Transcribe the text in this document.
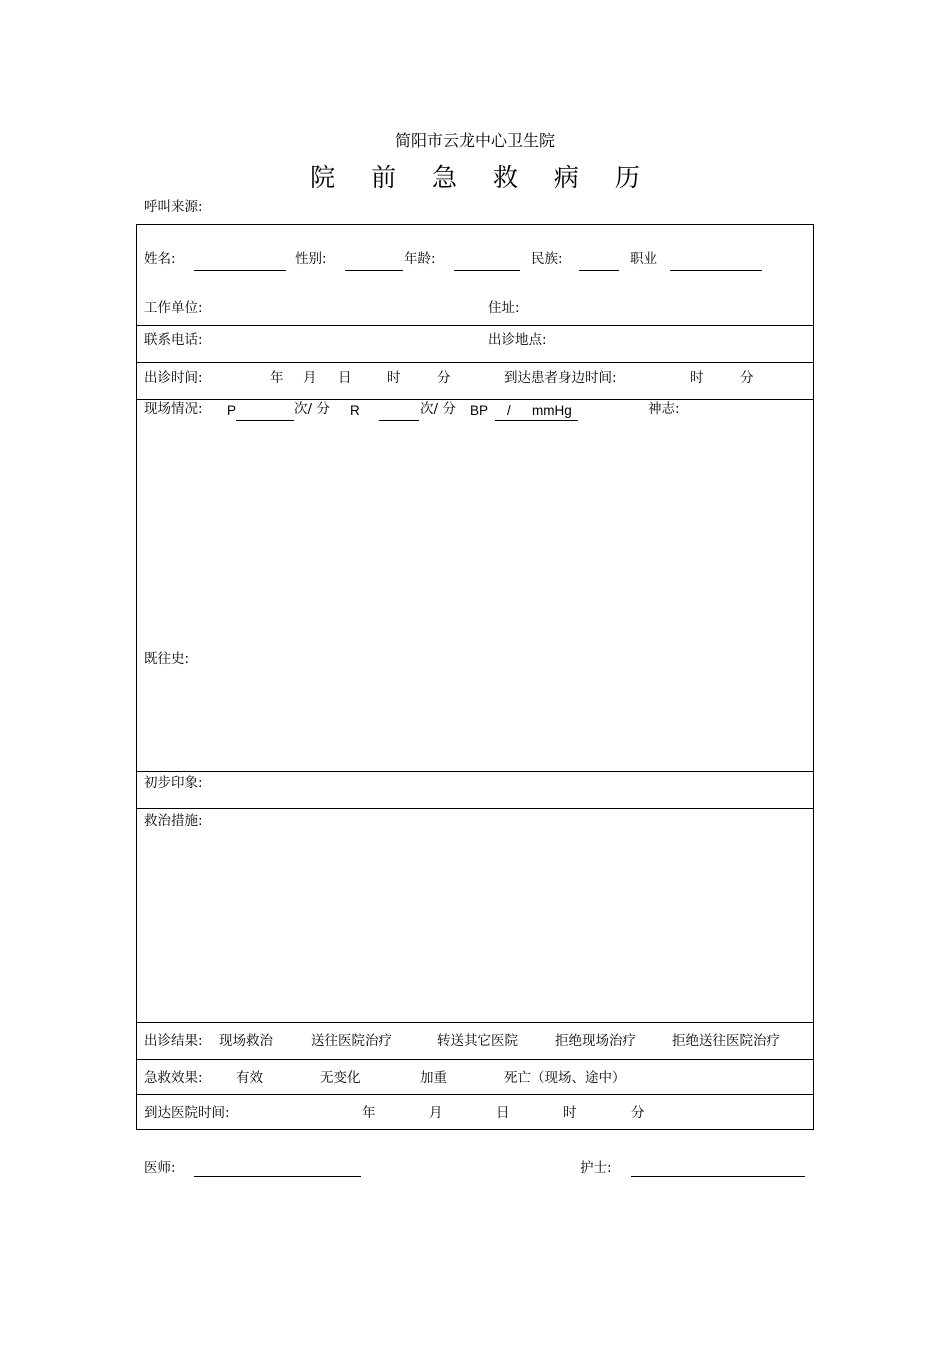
简阳市云龙中心卫生院
院 前 急 救 病 历
呼叫来源:
姓名:	性别:	年龄:	民族:	职业
工作单位:	住址:
联系电话:	出诊地点:
出诊时间:	年 月 日	时	分	到达患者身边时间:	时	分
现场情况: P	次/ 分 R	次/ 分 BP / mmHg	神志:
既往史:
初步印象:
救治措施:
出诊结果: 现场救治	送往医院治疗	转送其它医院	拒绝现场治疗	拒绝送往医院治疗
急救效果: 有效	无变化	加重	死亡（现场、途中）
到达医院时间:	年	月	日	时	分
医师:	护士:
